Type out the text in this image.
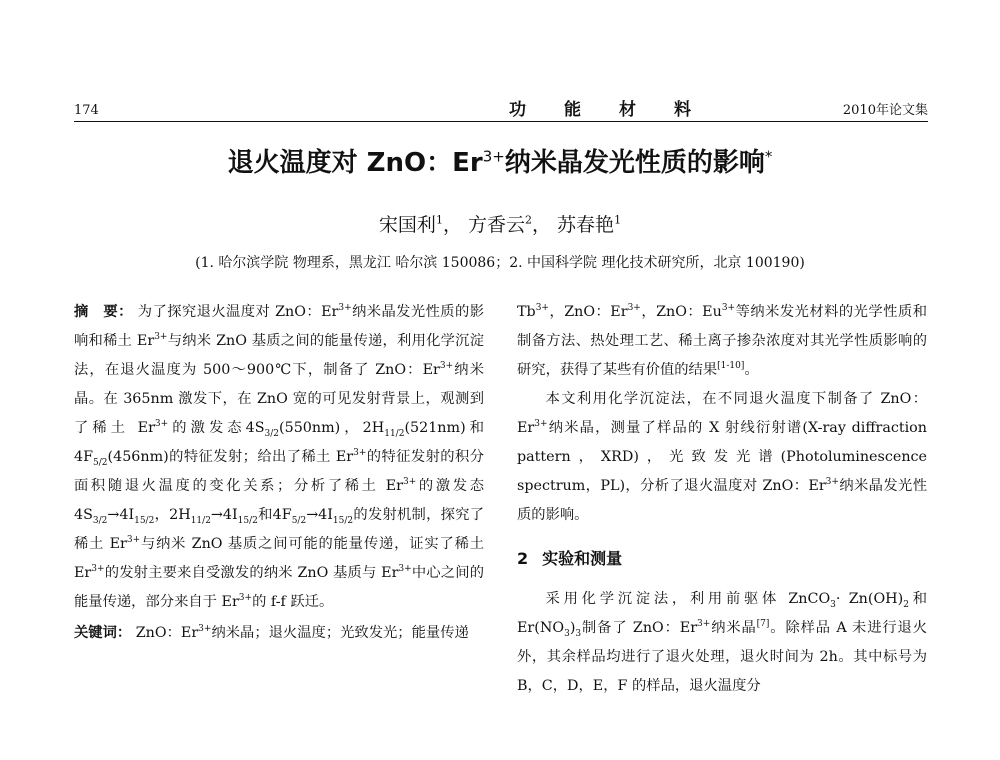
174	功能材料	2010年论文集
退火温度对 ZnO：$Er^{3+}$纳米晶发光性质的影响*
宋国利$^1$， 方香云$^2$， 苏春艳$^1$
(1. 哈尔滨学院 物理系，黑龙江 哈尔滨 150086；2. 中国科学院 理化技术研究所，北京 100190)

摘　要： 为了探究退火温度对 ZnO：$Er^{3+}$纳米晶发光性质的影响和稀土 $Er^{3+}$与纳米 ZnO 基质之间的能量传递，利用化学沉淀法，在退火温度为 500～900℃下，制备了 ZnO：$Er^{3+}$纳米晶。在 365nm 激发下，在 ZnO 宽的可见发射背景上，观测到了稀土 $Er^{3+}$的激发态$4S_{3/2}(550nm)$，$2H_{11/2}(521nm)$和$4F_{5/2}(456nm)$的特征发射；给出了稀土 $Er^{3+}$的特征发射的积分面积随退火温度的变化关系；分析了稀土 $Er^{3+}$的激发态$4S_{3/2}\to 4I_{15/2}$，$2H_{11/2}\to 4I_{15/2}$和$4F_{5/2}\to 4I_{15/2}$的发射机制，探究了稀土 $Er^{3+}$与纳米 ZnO 基质之间可能的能量传递，证实了稀土 $Er^{3+}$的发射主要来自受激发的纳米 ZnO 基质与 $Er^{3+}$中心之间的能量传递，部分来自于 $Er^{3+}$的 f-f 跃迁。

关键词： ZnO：$Er^{3+}$纳米晶；退火温度；光致发光；能量传递

$Tb^{3+}$，ZnO：$Er^{3+}$，ZnO：$Eu^{3+}$等纳米发光材料的光学性质和制备方法、热处理工艺、稀土离子掺杂浓度对其光学性质影响的研究，获得了某些有价值的结果[1-10]。

本文利用化学沉淀法，在不同退火温度下制备了 ZnO：$Er^{3+}$纳米晶，测量了样品的 X 射线衍射谱(X-ray diffraction pattern，XRD)，光致发光谱(Photoluminescence spectrum，PL)，分析了退火温度对 ZnO：$Er^{3+}$纳米晶发光性质的影响。

2 实验和测量

采用化学沉淀法，利用前驱体 ZnCO$_3$· $Zn(OH)_2$和 $Er(NO_3)_3$制备了 ZnO：$Er^{3+}$纳米晶[7]。除样品 A 未进行退火外，其余样品均进行了退火处理，退火时间为 2h。其中标号为 B，C，D，E，F 的样品，退火温度分
